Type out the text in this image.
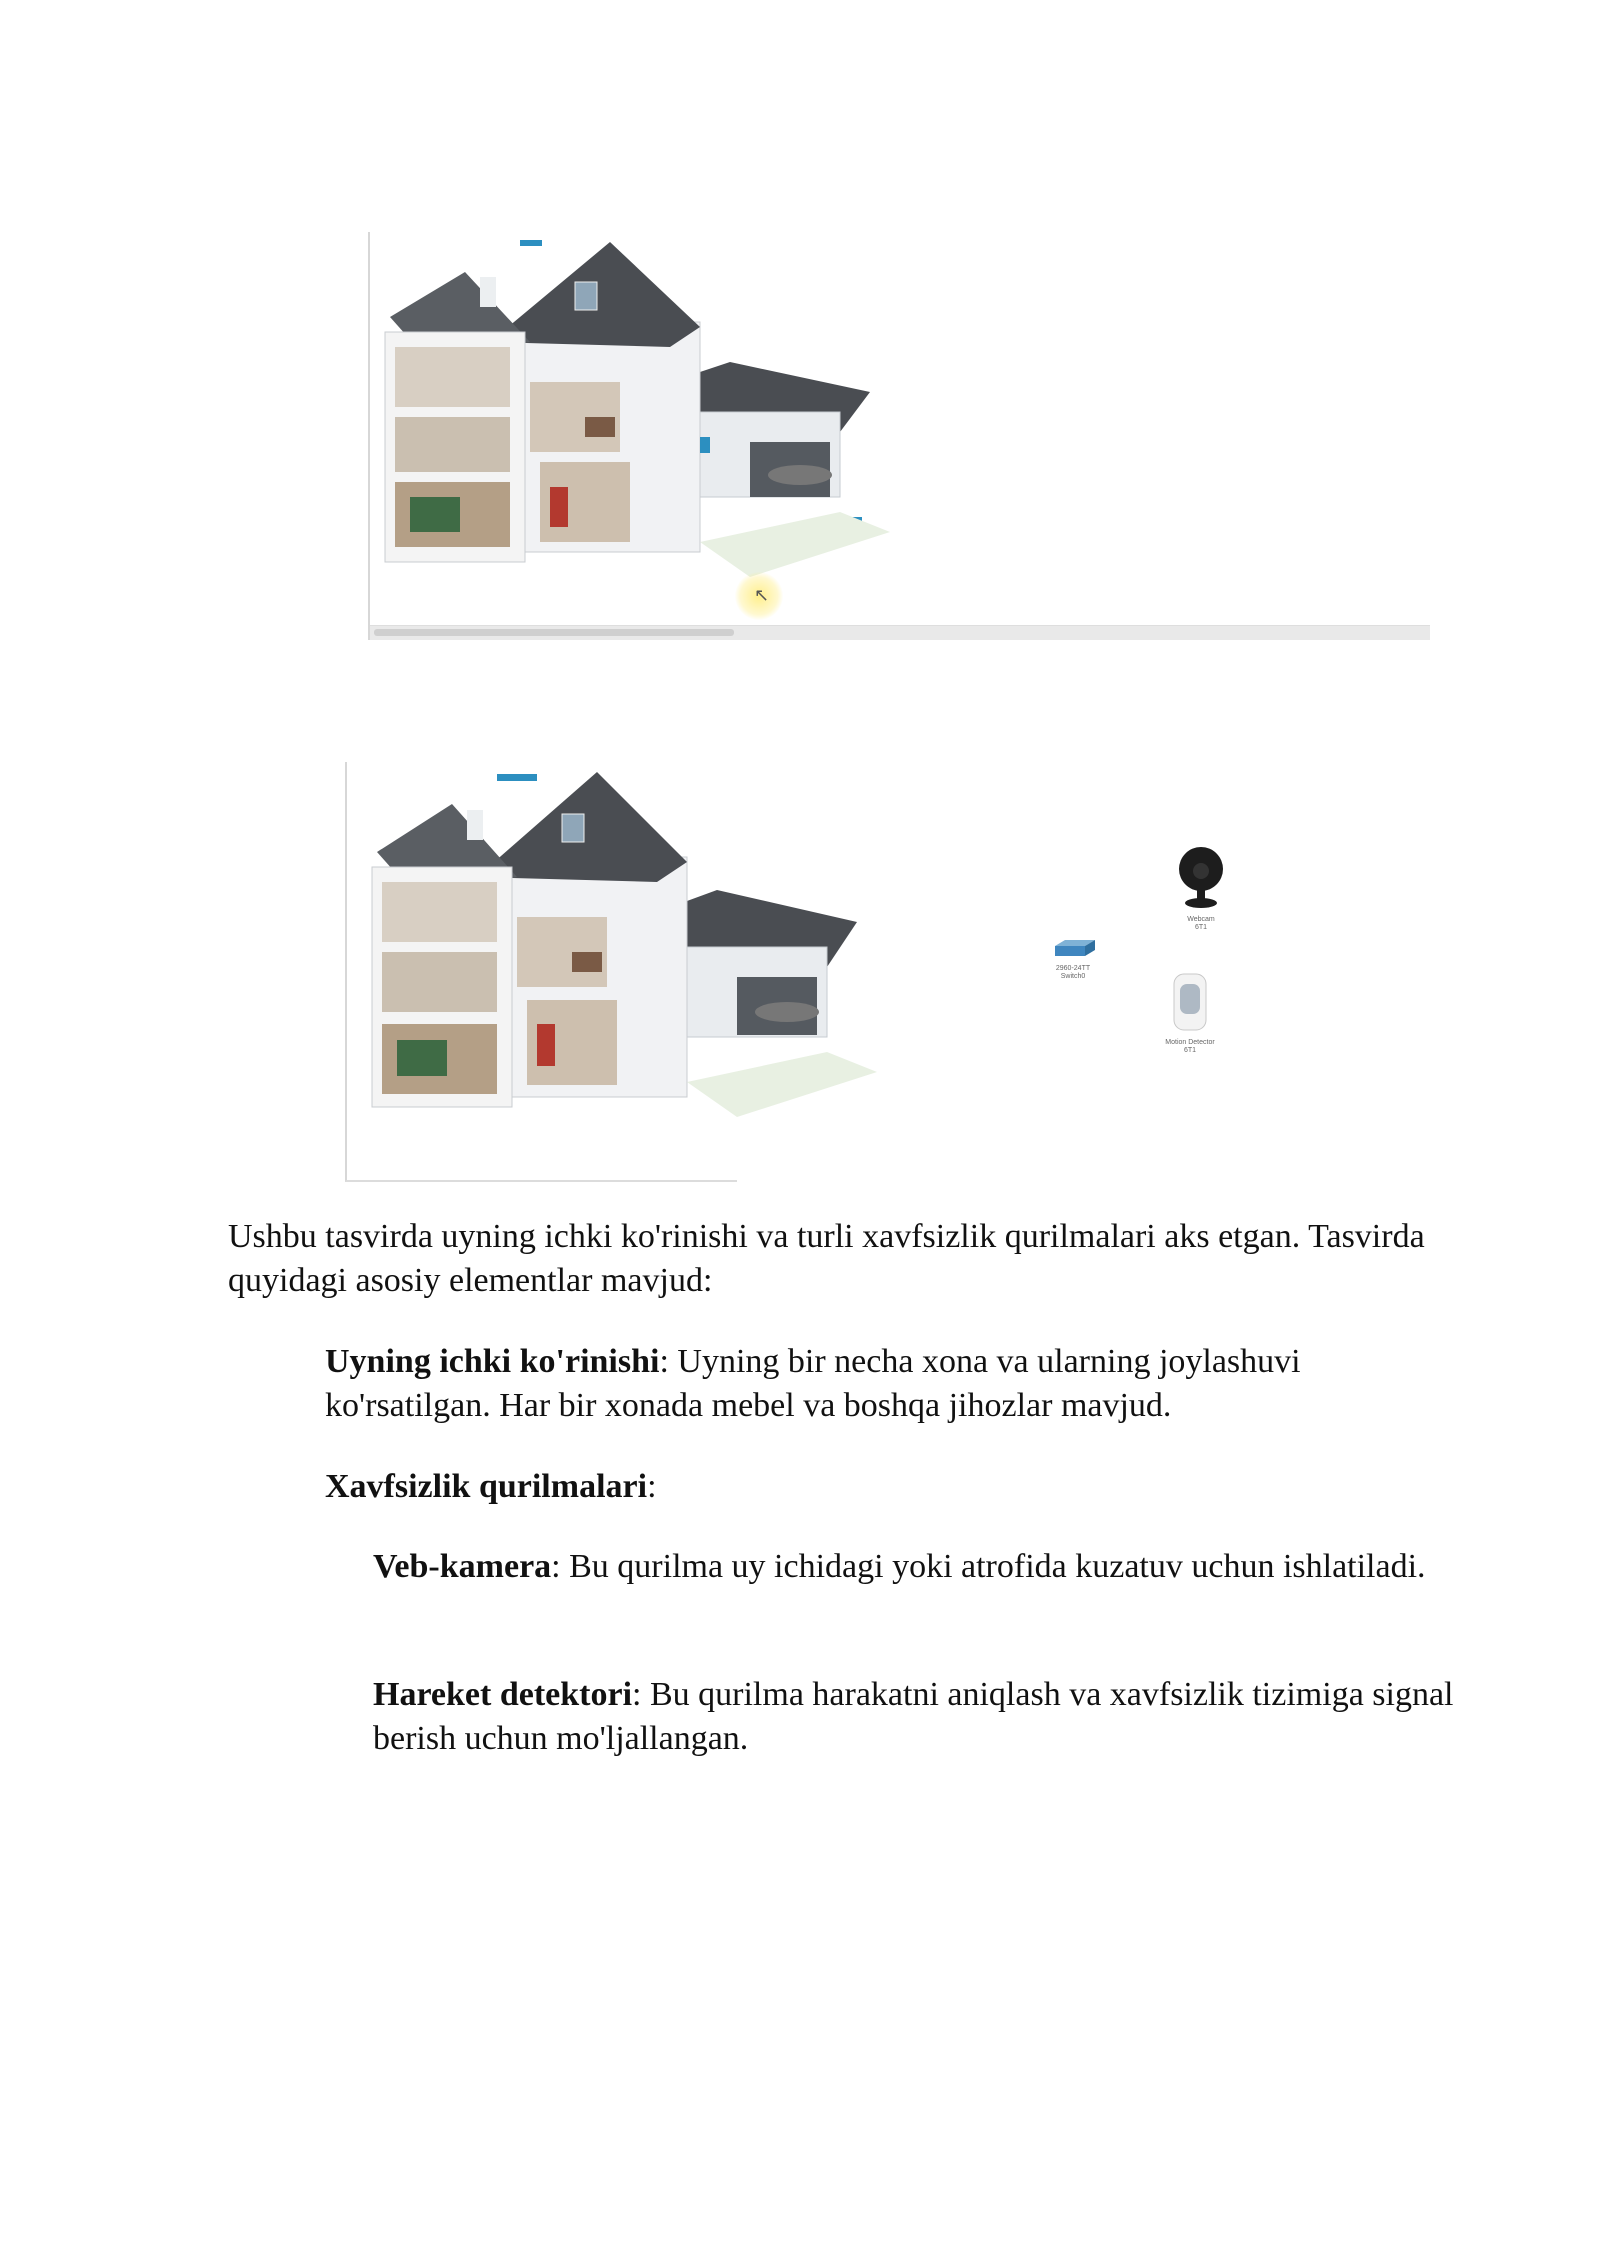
↖
2960-24TT
Switch0
Webcam
6T1
Motion Detector
6T1

Ushbu tasvirda uyning ichki ko'rinishi va turli xavfsizlik qurilmalari aks etgan. Tasvirda quyidagi asosiy elementlar mavjud:

Uyning ichki ko'rinishi: Uyning bir necha xona va ularning joylashuvi ko'rsatilgan. Har bir xonada mebel va boshqa jihozlar mavjud.

Xavfsizlik qurilmalari:

Veb-kamera: Bu qurilma uy ichidagi yoki atrofida kuzatuv uchun ishlatiladi.

Hareket detektori: Bu qurilma harakatni aniqlash va xavfsizlik tizimiga signal berish uchun mo'ljallangan.
